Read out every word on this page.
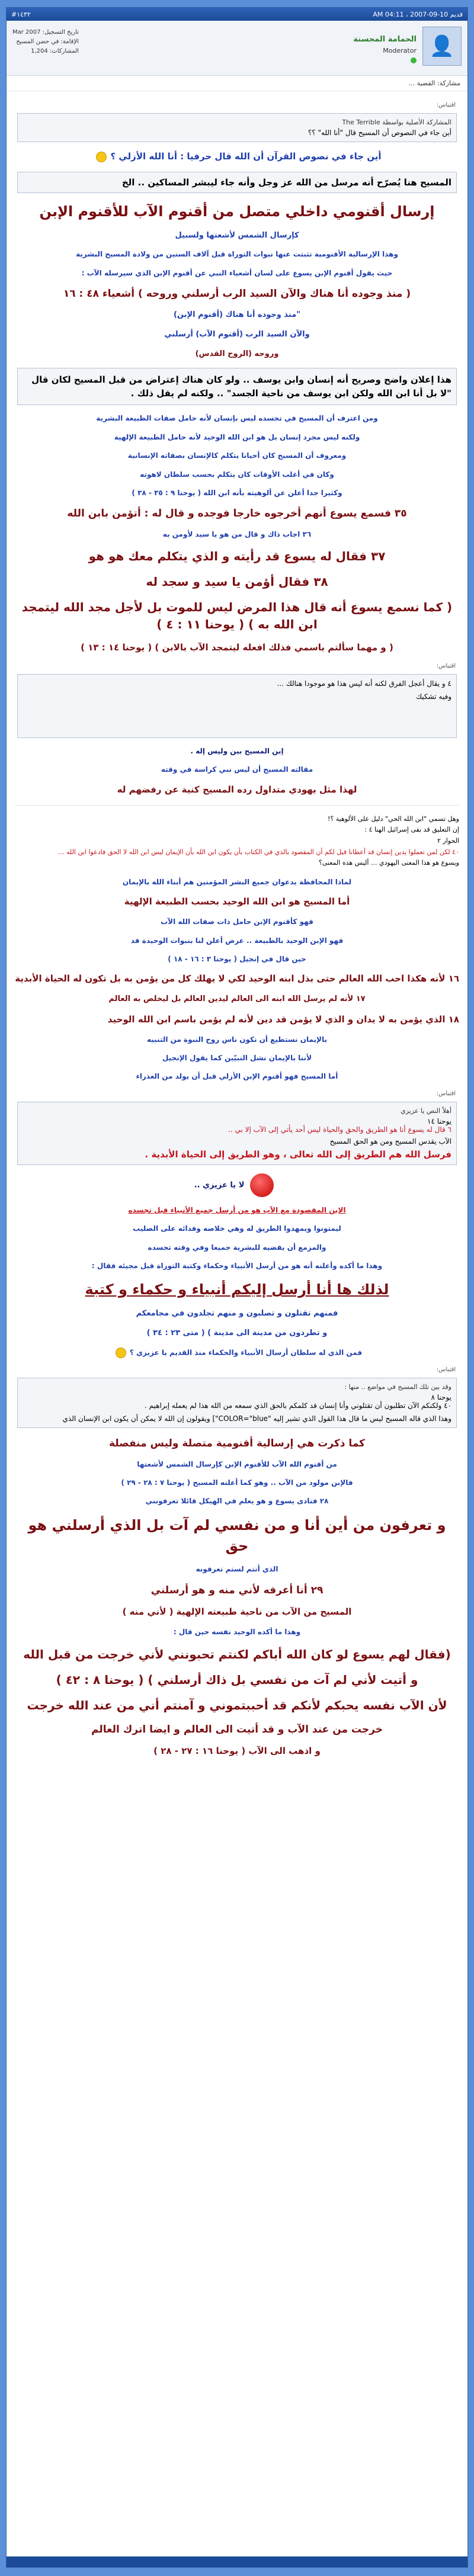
قديم 10-09-2007 ، 04:11 AM
#١٤٣٢
👤
الحمامة المحسنة
Moderator
تاريخ التسجيل: Mar 2007
الإقامة: في حضن المسيح
المشاركات: 1,204
مشاركة: القضية ...
اقتباس:
المشاركة الأصلية بواسطة The Terrible

أين جاء في النصوص أن المسيح قال "أنا الله" ؟؟

أين جاء في نصوص القرآن أن الله قال حرفيا : أنا الله الأزلي ؟

المسيح هنا يُصرّح أنه مرسل من الله عز وجل وأنه جاء ليبشر المساكين .. الخ

إرسال أقنومي داخلي متصل من أقنوم الآب للأقنوم الإبن

كإرسال الشمس لأشعتها ولسبيل

وهذا الإرسالية الأقنومية تثبتت عنها نبوات التوراة قبل آلاف السنين من ولادة المسيح البشرية

حيث يقول أقنوم الإبن يسوع على لسان أشعياء النبي عن أقنوم الإبن الذي سيرسله الآب :

( منذ وجوده أنا هناك والآن السيد الرب أرسلني وروحه ) أشعياء ٤٨ : ١٦

"منذ وجوده أنا هناك (أقنوم الإبن)

والآن السيد الرب (أقنوم الآب) أرسلني

وروحه (الروح القدس)

هذا إعلان واضح وصريح أنه إنسان وابن يوسف .. ولو كان هناك إعتراض من قبل المسيح لكان قال "لا بل أنا ابن الله ولكن ابن يوسف من ناحية الجسد" .. ولكنه لم يقل ذلك .

ومن اعترف أن المسيح في تجسده ليس بإنسان لأنه حامل صفات الطبيعة البشرية

ولكنه ليس مجرد إنسان بل هو ابن الله الوحيد لأنه حامل الطبيعة الإلهية

ومعروف أن المسيح كان أحيانا يتكلم كالإنسان بصفاته الإنسانية

وكان في أغلب الأوقات كان يتكلم بحسب سلطان لاهوته

وكثيرا جدا أعلن عن ألوهيته بأنه ابن الله ( يوحنا ٩ : ٣٥ - ٣٨ )

٣٥ فسمع يسوع أنهم أخرجوه خارجا فوجده و قال له : أتؤمن بابن الله

٣٦ اجاب ذاك و قال من هو يا سيد لأومن به

٣٧ فقال له يسوع قد رأيته و الذي يتكلم معك هو هو

٣٨ فقال أؤمن يا سيد و سجد له

( كما نسمع يسوع أنه قال هذا المرض ليس للموت بل لأجل مجد الله ليتمجد ابن الله به ) ( يوحنا ١١ : ٤ )

( و مهما سألتم باسمي فذلك افعله ليتمجد الآب بالابن ) ( يوحنا ١٤ : ١٣ )

اقتباس:

٤ و يقال أعجل الفرق لكنه أنه ليس هذا هو موجودا هنالك ...

وفيه تشكيك

إبن المسيح بين وليس إله .

مقالته المسيح أن ليس نبي كراسة في وقته

لهذا مثل يهودي متداول رده المسيح كنية عن رفضهم له

وهل تسمي "ابن الله الحي" دليل على الألوهية ؟!

إن التعليق قد بقى إسرائيل الهنا ٤ :

الحوار ٢

٤٠ لكن لمن تعملوا يدين إنسان قد أعطانا قيل لكم أن المقصود بالذي في الكتاب بأن يكون ابن الله بأن الإيمان ليس ابن الله لا الحق فادعوا ابن الله ...

ويسوع هو هذا المعنى اليهودي ... أليس هذه المعنى؟

لماذا المحافظة يدعوان جميع البشر المؤمنين هم أبناء الله بالإيمان

أما المسيح هو ابن الله الوحيد بحسب الطبيعة الإلهية

فهو كأقنوم الإبن حامل ذات صفات الله الآب

فهو الإبن الوحيد بالطبيعة .. عرض أعلن لنا بنبوات الوحيدة قد

حين قال في إنجيل ( يوحنا ٣ : ١٦ - ١٨ )

١٦ لأنه هكذا احب الله العالم حتى بذل ابنه الوحيد لكي لا يهلك كل من يؤمن به بل تكون له الحياة الأبدية

١٧ لأنه لم يرسل الله ابنه الى العالم ليدين العالم بل ليخلص به العالم

١٨ الذي يؤمن به لا يدان و الذي لا يؤمن قد دين لأنه لم يؤمن باسم ابن الله الوحيد

بالإيمان نستطيع أن نكون ناس روح النبوة من التنبيه

لأننا بالإيمان نشل النبيّين كما يقول الإنجيل

أما المسيح فهو أقنوم الإبن الأزلي قبل أن يولد من العذراء

اقتباس:
أهلاً النص يا عزيزي

يوحنا ١٤

٦ قال له يسوع أنا هو الطريق والحق والحياة ليس أحد يأتي إلى الآب إلا بي ..

الآب يقدس المسيح ومن هو الحق المسيح

فرسل الله هم الطريق إلى الله تعالى ، وهو الطريق إلى الحياة الأبدية .

لا يا عزيزي ..

الإبن المقصودة مع الآب هو من أرسل جميع الأنبياء قبل تجسده

ليمتونوا ويمهدوا الطريق له وهي خلاصه وفدائه على الصليب

والمزمع أن يقضيه للبشرية جميعا وفي وقته تجسده

وهذا ما أكده وأعلنه أنه هو من أرسل الأنبياء وحكماء وكتبة التوراة قبل مجيئه فقال :

لذلك ها أنا أرسل إليكم أنبياء و حكماء و كتبة

فمنهم تقتلون و تصلبون و منهم تجلدون في مجامعكم

و تطردون من مدينة الى مدينة ) ( متى ٢٣ : ٣٤ )

فمن الذي له سلطان أرسال الأنبياء والحكماء منذ القديم يا عزيزي ؟

اقتباس:
وقد بين تلك المسيح في مواضع .. منها :

يوحنا ٨

٤٠ ولكنكم الآن تطلبون أن تقتلوني وأنا إنسان قد كلمكم بالحق الذي سمعه من الله هذا لم يعمله إبراهيم .

وهذا الذي قاله المسيح ليس ما قال هذا القول الذي تشير إليه "COLOR="blue"] ويقولون إن الله لا يمكن أن يكون ابن الإنسان الذي

كما ذكرت هي إرسالية أقنومية متصلة وليس منفصلة

من أقنوم الله الآب للأقنوم الإبن كإرسال الشمس لأشعتها

فالإبن مولود من الآب .. وهو كما أعلنه المسيح ( يوحنا ٧ : ٢٨ - ٢٩ )

٢٨ فنادى يسوع و هو يعلم في الهيكل قائلا تعرفونني

و تعرفون من أين أنا و من نفسي لم آت بل الذي أرسلني هو حق

الذي أنتم لستم تعرفونه

٢٩ أنا أعرفه لأني منه و هو أرسلني

المسيح من الآب من ناحية طبيعته الإلهية ( لأني منه )

وهذا ما أكده الوحيد نفسه حين قال :

(فقال لهم يسوع لو كان الله أباكم لكنتم تحبونني لأني خرجت من قبل الله

و أتيت لأني لم آت من نفسي بل ذاك أرسلني ) ( يوحنا ٨ : ٤٢ )

لأن الآب نفسه يحبكم لأنكم قد أحببتموني و آمنتم أني من عند الله خرجت

خرجت من عند الآب و قد أتيت الى العالم و ايضا اترك العالم

و اذهب الى الآب ( يوحنا ١٦ : ٢٧ - ٢٨ )
